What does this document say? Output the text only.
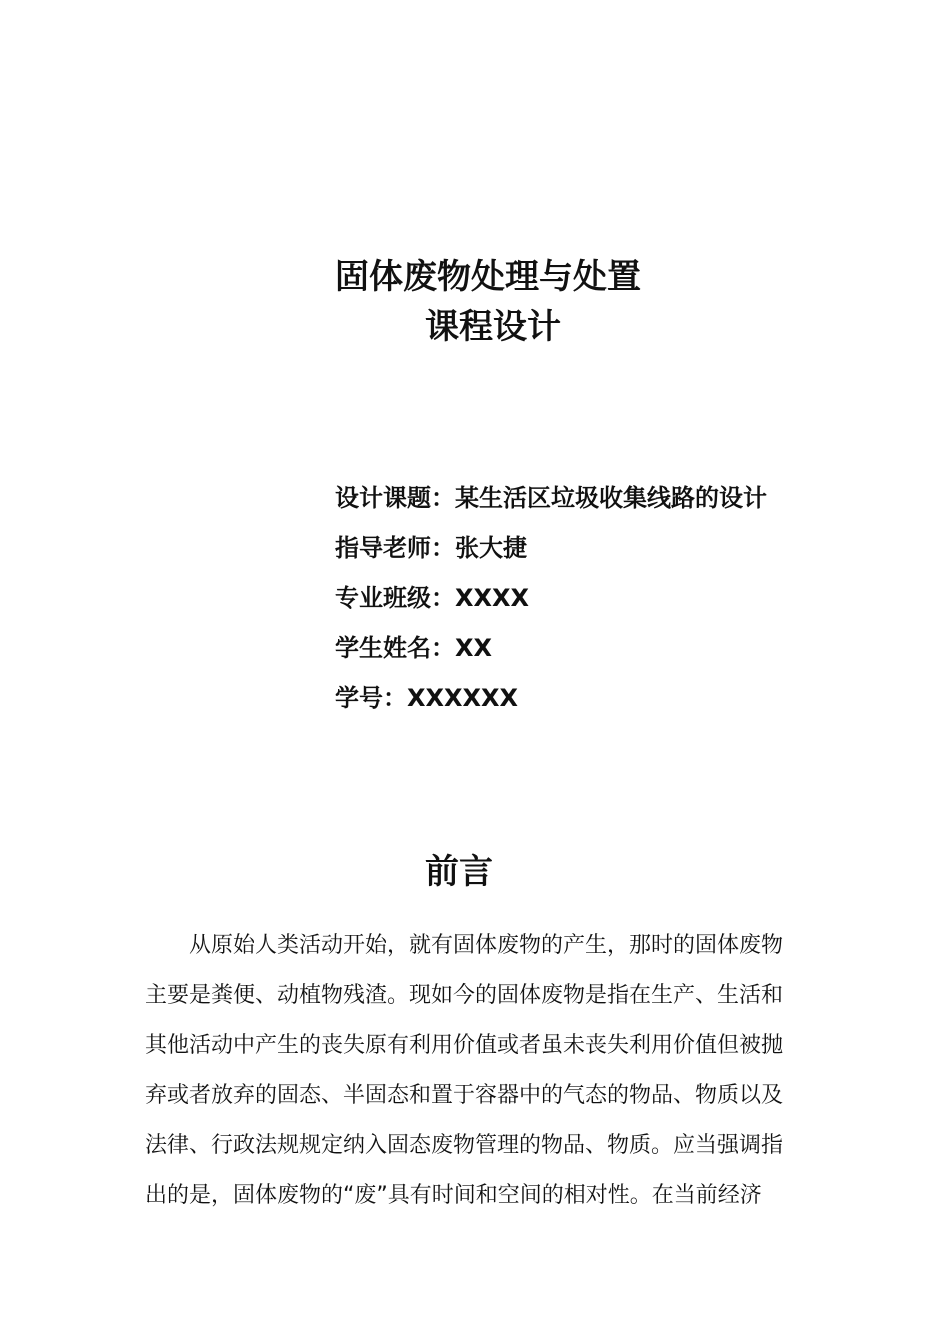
固体废物处理与处置
课程设计
设计课题：某生活区垃圾收集线路的设计
指导老师：张大捷
专业班级：XXXX
学生姓名：XX
学号：XXXXXX
前言
从原始人类活动开始，就有固体废物的产生，那时的固体废物
主要是粪便、动植物残渣。现如今的固体废物是指在生产、生活和
其他活动中产生的丧失原有利用价值或者虽未丧失利用价值但被抛
弃或者放弃的固态、半固态和置于容器中的气态的物品、物质以及
法律、行政法规规定纳入固态废物管理的物品、物质。应当强调指
出的是，固体废物的“废”具有时间和空间的相对性。在当前经济
